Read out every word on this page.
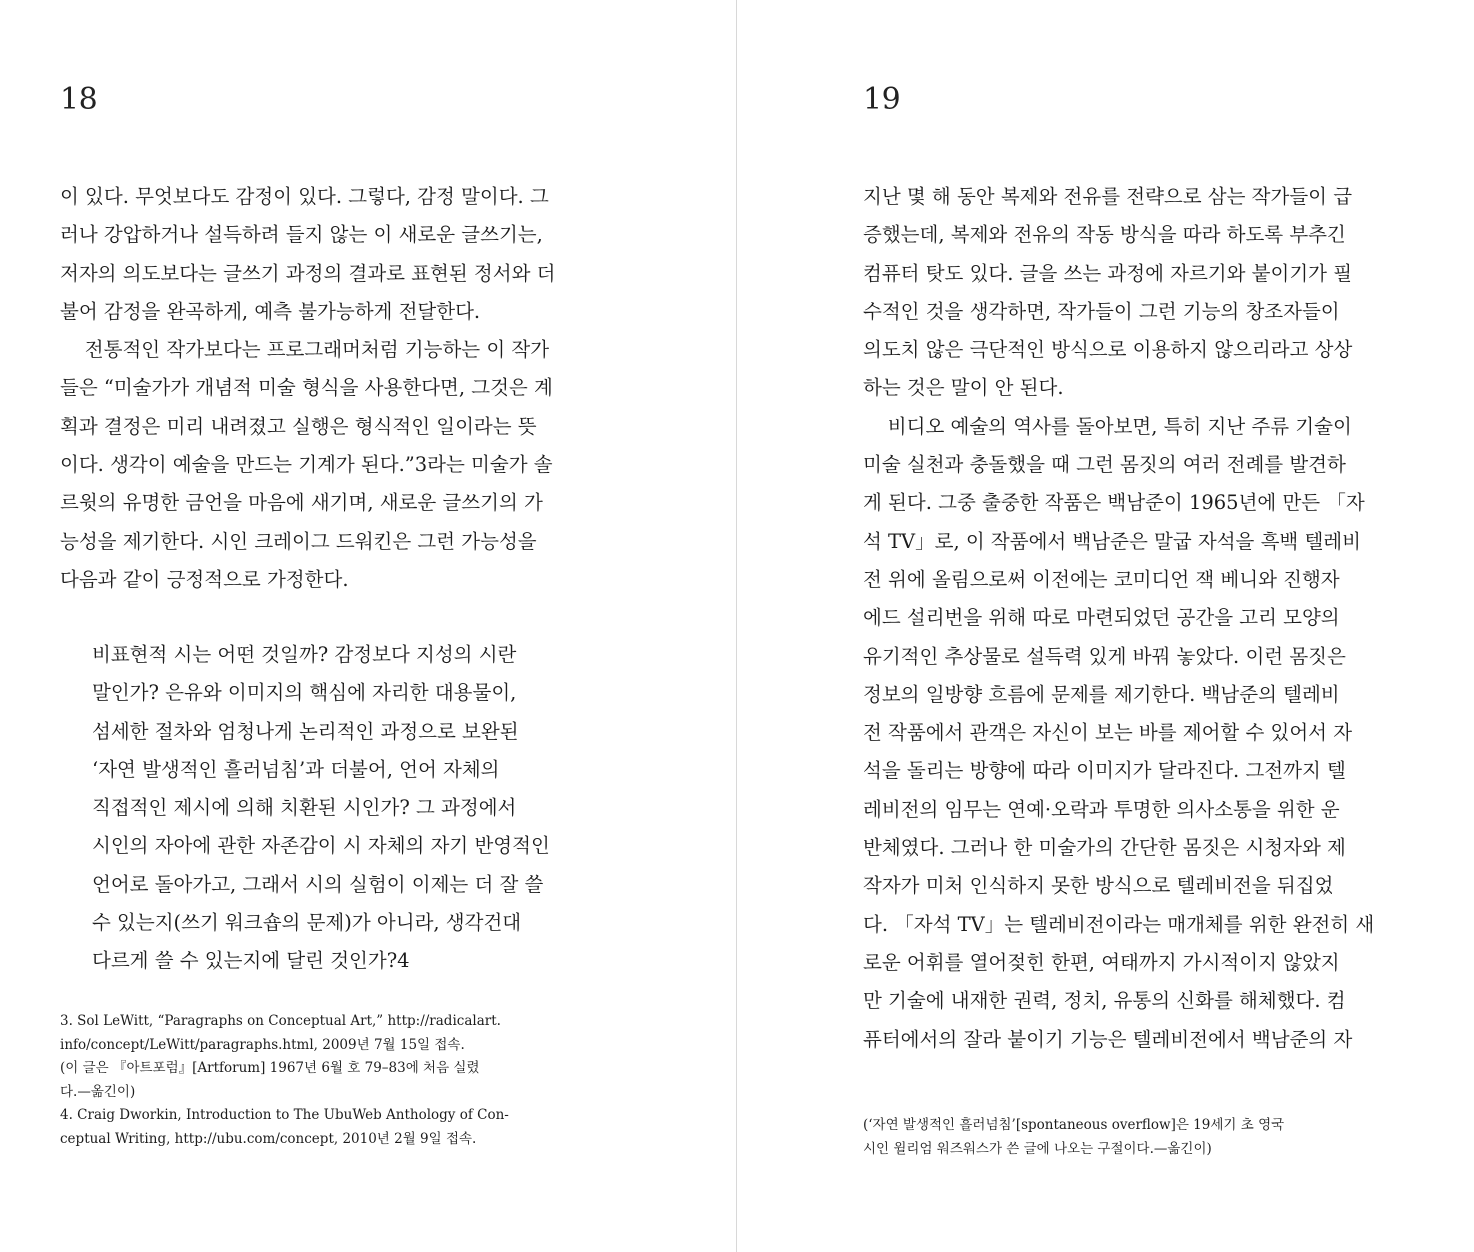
18
이 있다. 무엇보다도 감정이 있다. 그렇다, 감정 말이다. 그
러나 강압하거나 설득하려 들지 않는 이 새로운 글쓰기는,
저자의 의도보다는 글쓰기 과정의 결과로 표현된 정서와 더
불어 감정을 완곡하게, 예측 불가능하게 전달한다.
전통적인 작가보다는 프로그래머처럼 기능하는 이 작가
들은 “미술가가 개념적 미술 형식을 사용한다면, 그것은 계
획과 결정은 미리 내려졌고 실행은 형식적인 일이라는 뜻
이다. 생각이 예술을 만드는 기계가 된다.”3라는 미술가 솔
르윗의 유명한 금언을 마음에 새기며, 새로운 글쓰기의 가
능성을 제기한다. 시인 크레이그 드워킨은 그런 가능성을
다음과 같이 긍정적으로 가정한다.
비표현적 시는 어떤 것일까? 감정보다 지성의 시란
말인가? 은유와 이미지의 핵심에 자리한 대용물이,
섬세한 절차와 엄청나게 논리적인 과정으로 보완된
‘자연 발생적인 흘러넘침’과 더불어, 언어 자체의
직접적인 제시에 의해 치환된 시인가? 그 과정에서
시인의 자아에 관한 자존감이 시 자체의 자기 반영적인
언어로 돌아가고, 그래서 시의 실험이 이제는 더 잘 쓸
수 있는지(쓰기 워크숍의 문제)가 아니라, 생각건대
다르게 쓸 수 있는지에 달린 것인가?4
3. Sol LeWitt, “Paragraphs on Conceptual Art,” http://radicalart.
info/concept/LeWitt/paragraphs.html, 2009년 7월 15일 접속.
(이 글은 『아트포럼』[Artforum] 1967년 6월 호 79–83에 처음 실렸
다.—옮긴이)
4. Craig Dworkin, Introduction to The UbuWeb Anthology of Con-
ceptual Writing, http://ubu.com/concept, 2010년 2월 9일 접속.
19
지난 몇 해 동안 복제와 전유를 전략으로 삼는 작가들이 급
증했는데, 복제와 전유의 작동 방식을 따라 하도록 부추긴
컴퓨터 탓도 있다. 글을 쓰는 과정에 자르기와 붙이기가 필
수적인 것을 생각하면, 작가들이 그런 기능의 창조자들이
의도치 않은 극단적인 방식으로 이용하지 않으리라고 상상
하는 것은 말이 안 된다.
비디오 예술의 역사를 돌아보면, 특히 지난 주류 기술이
미술 실천과 충돌했을 때 그런 몸짓의 여러 전례를 발견하
게 된다. 그중 출중한 작품은 백남준이 1965년에 만든 「자
석 TV」로, 이 작품에서 백남준은 말굽 자석을 흑백 텔레비
전 위에 올림으로써 이전에는 코미디언 잭 베니와 진행자
에드 설리번을 위해 따로 마련되었던 공간을 고리 모양의
유기적인 추상물로 설득력 있게 바꿔 놓았다. 이런 몸짓은
정보의 일방향 흐름에 문제를 제기한다. 백남준의 텔레비
전 작품에서 관객은 자신이 보는 바를 제어할 수 있어서 자
석을 돌리는 방향에 따라 이미지가 달라진다. 그전까지 텔
레비전의 임무는 연예·오락과 투명한 의사소통을 위한 운
반체였다. 그러나 한 미술가의 간단한 몸짓은 시청자와 제
작자가 미처 인식하지 못한 방식으로 텔레비전을 뒤집었
다. 「자석 TV」는 텔레비전이라는 매개체를 위한 완전히 새
로운 어휘를 열어젖힌 한편, 여태까지 가시적이지 않았지
만 기술에 내재한 권력, 정치, 유통의 신화를 해체했다. 컴
퓨터에서의 잘라 붙이기 기능은 텔레비전에서 백남준의 자
(‘자연 발생적인 흘러넘침’[spontaneous overflow]은 19세기 초 영국
시인 윌리엄 워즈워스가 쓴 글에 나오는 구절이다.—옮긴이)
